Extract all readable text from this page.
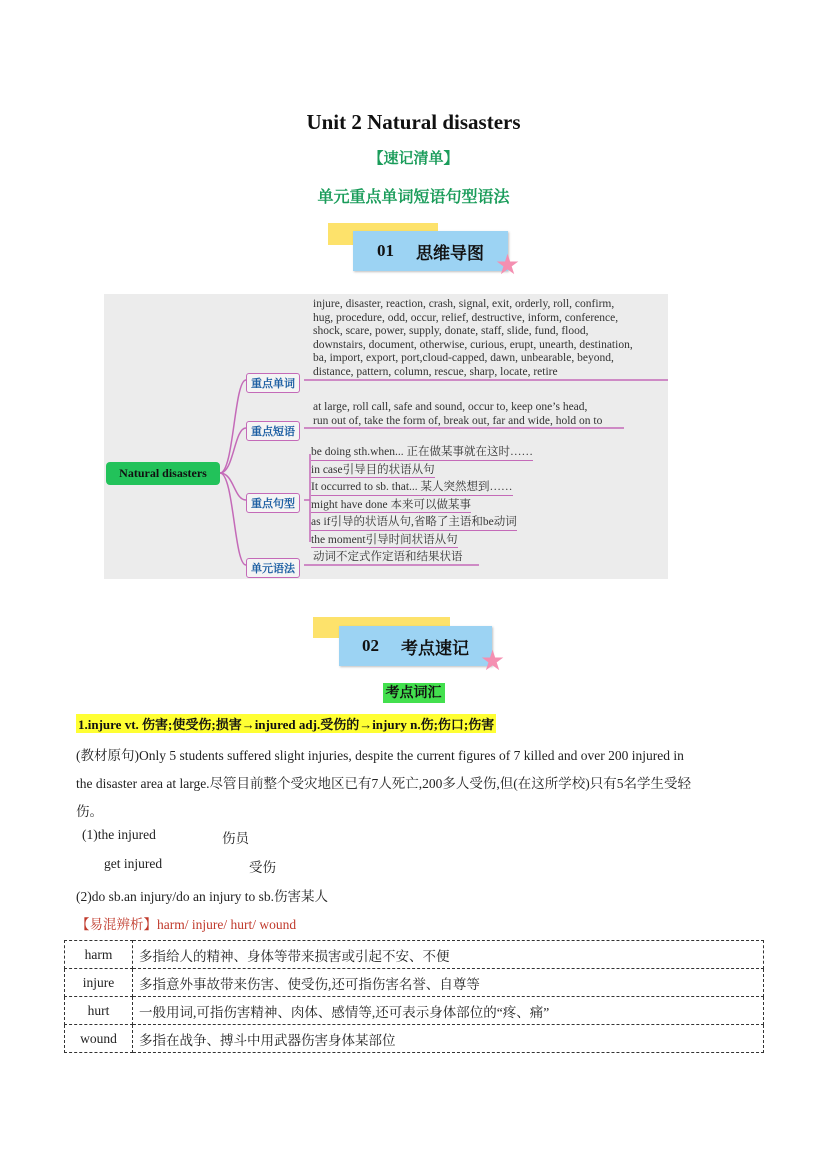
Unit 2 Natural disasters
【速记清单】
单元重点单词短语句型语法
01 思维导图 ★
Natural disasters
重点单词
重点短语
重点句型
单元语法
injure, disaster, reaction, crash, signal, exit, orderly, roll, confirm,
hug, procedure, odd, occur, relief, destructive, inform, conference,
shock, scare, power, supply, donate, staff, slide, fund, flood,
downstairs, document, otherwise, curious, erupt, unearth, destination,
ba, import, export, port,cloud-capped, dawn, unbearable, beyond,
distance, pattern, column, rescue, sharp, locate, retire
at large, roll call, safe and sound, occur to, keep one’s head,
run out of, take the form of, break out, far and wide, hold on to
be doing sth.when... 正在做某事就在这时……
in case引导目的状语从句
It occurred to sb. that... 某人突然想到……
might have done 本来可以做某事
as if引导的状语从句,省略了主语和be动词
the moment引导时间状语从句
动词不定式作定语和结果状语
02 考点速记 ★
考点词汇
1.injure vt. 伤害;使受伤;损害→injured adj.受伤的→injury n.伤;伤口;伤害
(教材原句)Only 5 students suffered slight injuries, despite the current figures of 7 killed and over 200 injured in
the disaster area at large.尽管目前整个受灾地区已有7人死亡,200多人受伤,但(在这所学校)只有5名学生受轻
伤。
(1)the injured	伤员
get injured	受伤
(2)do sb.an injury/do an injury to sb.伤害某人
【易混辨析】harm/ injure/ hurt/ wound
harm	多指给人的精神、身体等带来损害或引起不安、不便
injure	多指意外事故带来伤害、使受伤,还可指伤害名誉、自尊等
hurt	一般用词,可指伤害精神、肉体、感情等,还可表示身体部位的“疼、痛”
wound	多指在战争、搏斗中用武器伤害身体某部位
